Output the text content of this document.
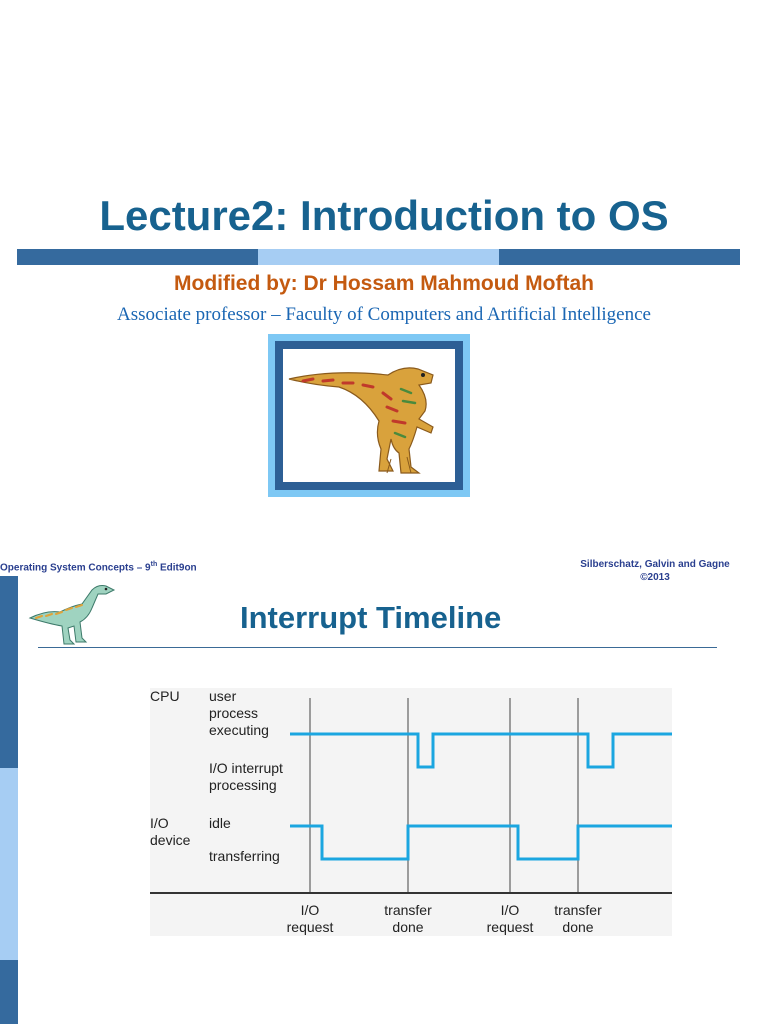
Lecture2: Introduction to OS
Modified by: Dr Hossam Mahmoud Moftah
Associate professor – Faculty of Computers and Artificial Intelligence
Operating System Concepts – 9th Edit9on	Silberschatz, Galvin and Gagne
©2013
Interrupt Timeline
CPU user
process
executing
I/O interrupt
processing
I/O
device
idle
transferring
I/O
request
transfer
done
I/O
request
transfer
done
